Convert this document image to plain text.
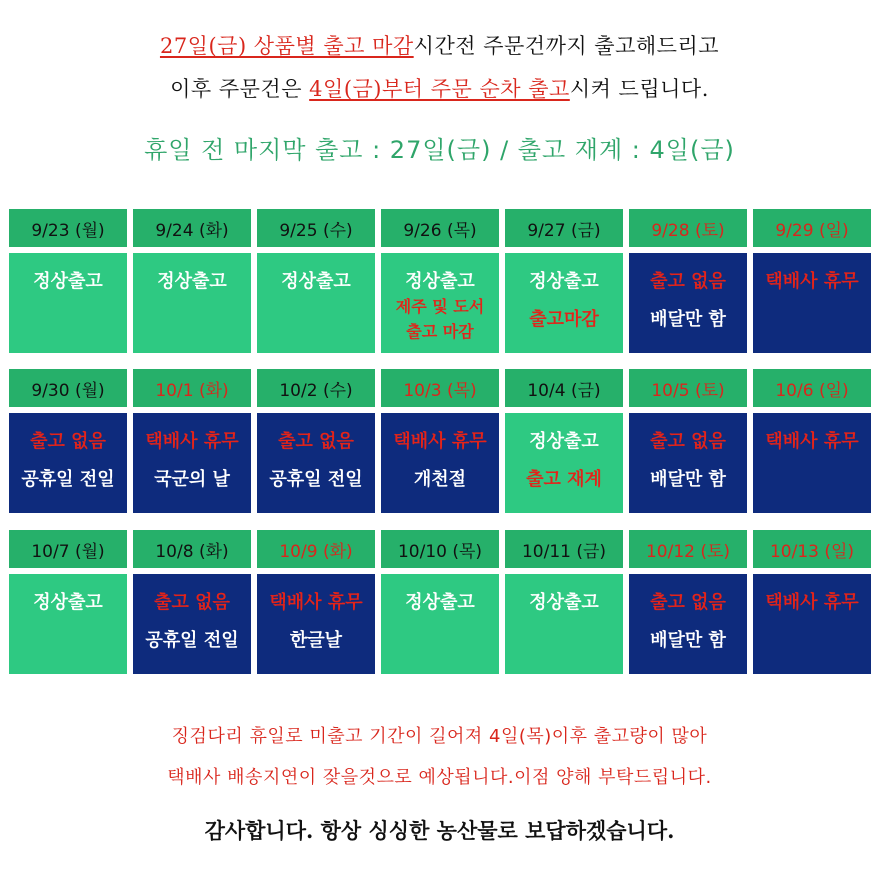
27일(금) 상품별 출고 마감시간전 주문건까지 출고해드리고
이후 주문건은 4일(금)부터 주문 순차 출고시켜 드립니다.
휴일 전 마지막 출고 : 27일(금) / 출고 재계 : 4일(금)
9/23 (월)
정상출고
9/24 (화)
정상출고
9/25 (수)
정상출고
9/26 (목)
정상출고
제주 및 도서
출고 마감
9/27 (금)
정상출고
출고마감
9/28 (토)
출고 없음
배달만 함
9/29 (일)
택배사 휴무
9/30 (월)
출고 없음
공휴일 전일
10/1 (화)
택배사 휴무
국군의 날
10/2 (수)
출고 없음
공휴일 전일
10/3 (목)
택배사 휴무
개천절
10/4 (금)
정상출고
출고 재계
10/5 (토)
출고 없음
배달만 함
10/6 (일)
택배사 휴무
10/7 (월)
정상출고
10/8 (화)
출고 없음
공휴일 전일
10/9 (화)
택배사 휴무
한글날
10/10 (목)
정상출고
10/11 (금)
정상출고
10/12 (토)
출고 없음
배달만 함
10/13 (일)
택배사 휴무
징검다리 휴일로 미출고 기간이 길어져 4일(목)이후 출고량이 많아
택배사 배송지연이 잦을것으로 예상됩니다.이점 양해 부탁드립니다.
감사합니다. 항상 싱싱한 농산물로 보답하겠습니다.
